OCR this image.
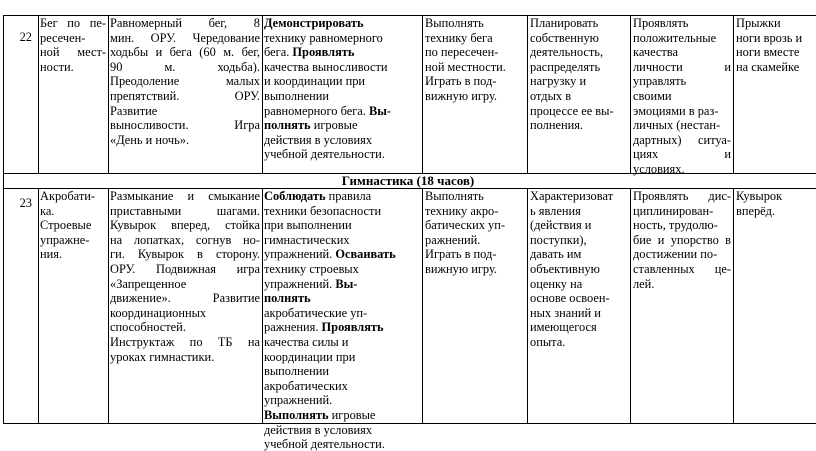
22
Бег по пе-
ресечен-
ной мест-
ности.
Равномерный бег, 8
мин. ОРУ. Чередование
ходьбы и бега (60 м. бег,
90 м. ходьба).
Преодоление малых
препятствий. ОРУ.
Развитие
выносливости. Игра
«День и ночь».
Демонстрировать
технику равномерного
бега. Проявлять
качества выносливости
и координации при
выполнении
равномерного бега. Вы-
полнять игровые
действия в условиях
учебной деятельности.
Выполнять
технику бега
по пересечен-
ной местности.
Играть в под-
вижную игру.
Планировать
собственную
деятельность,
распределять
нагрузку и
отдых в
процессе ее вы-
полнения.
Проявлять
положительные
качества
личности и
управлять
своими
эмоциями в раз-
личных (нестан-
дартных) ситуа-
циях и
условиях.
Прыжки
ноги врозь и
ноги вместе
на скамейке
Гимнастика (18 часов)
23 Акробати-
ка.
Строевые
упражне-
ния.
Размыкание и смыкание
приставными шагами.
Кувырок вперед, стойка
на лопатках, согнув но-
ги. Кувырок в сторону.
ОРУ. Подвижная игра
«Запрещенное
движение». Развитие
координационных
способностей.
Инструктаж по ТБ на
уроках гимнастики.
Соблюдать правила
техники безопасности
при выполнении
гимнастических
упражнений. Осваивать
технику строевых
упражнений. Вы-
полнять
акробатические уп-
ражнения. Проявлять
качества силы и
координации при
выполнении
акробатических
упражнений.
Выполнять игровые
действия в условиях
учебной деятельности.
Выполнять
технику акро-
батических уп-
ражнений.
Играть в под-
вижную игру.
Характеризоват
ь явления
(действия и
поступки),
давать им
объективную
оценку на
основе освоен-
ных знаний и
имеющегося
опыта.
Проявлять дис-
циплинирован-
ность, трудолю-
бие и упорство в
достижении по-
ставленных це-
лей.
Кувырок
вперёд.
